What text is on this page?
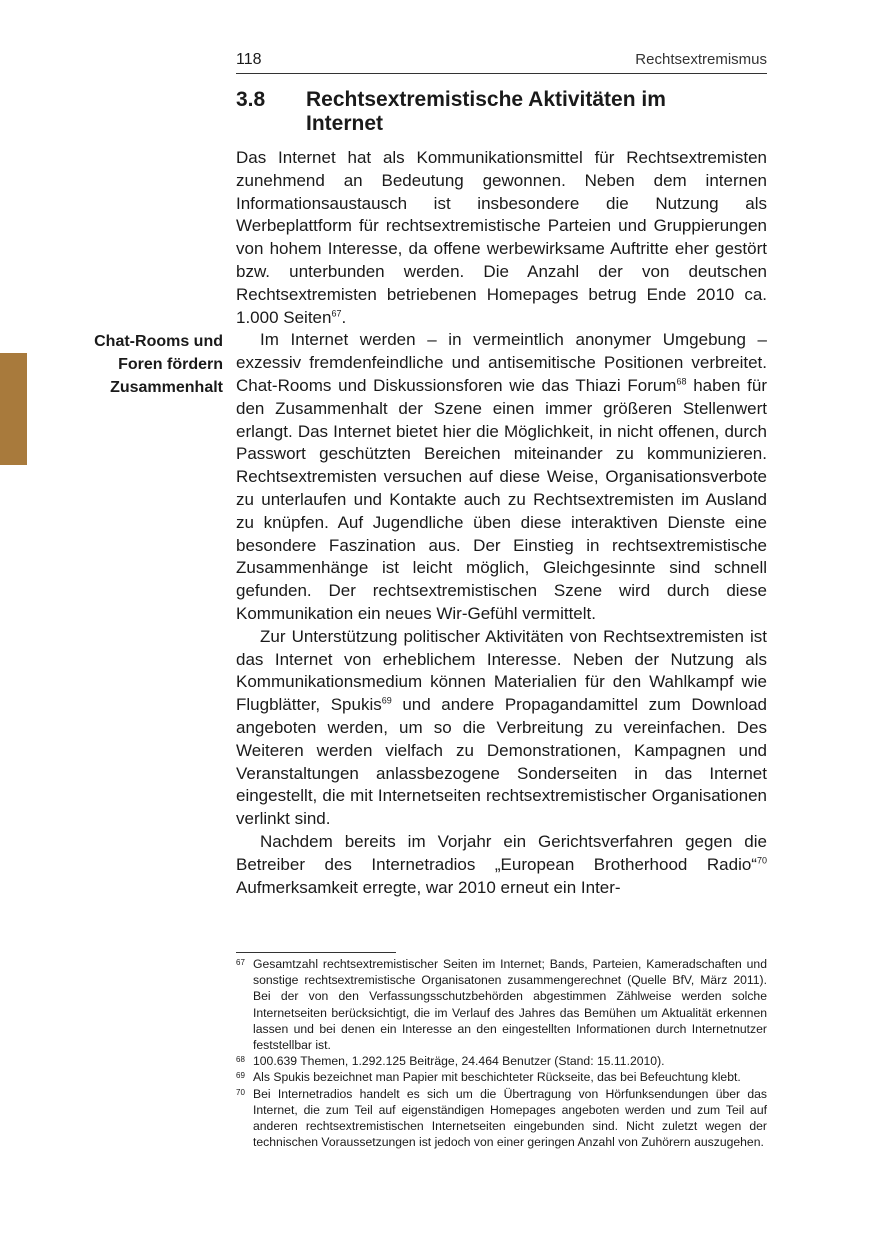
118	Rechtsextremismus
3.8 Rechtsextremistische Aktivitäten im Internet
Chat-Rooms und
Foren fördern
Zusammenhalt

Das Internet hat als Kommunikationsmittel für Rechtsextremisten zunehmend an Bedeutung gewonnen. Neben dem internen Informationsaustausch ist insbesondere die Nutzung als Werbeplattform für rechtsextremistische Parteien und Gruppierungen von hohem Interesse, da offene werbewirksame Auftritte eher gestört bzw. unterbunden werden. Die Anzahl der von deutschen Rechtsextremisten betriebenen Homepages betrug Ende 2010 ca. 1.000 Seiten$^{67}$.

Im Internet werden – in vermeintlich anonymer Umgebung – exzessiv fremdenfeindliche und antisemitische Positionen verbreitet. Chat-Rooms und Diskussionsforen wie das Thiazi Forum$^{68}$ haben für den Zusammenhalt der Szene einen immer größeren Stellenwert erlangt. Das Internet bietet hier die Möglichkeit, in nicht offenen, durch Passwort geschützten Bereichen miteinander zu kommunizieren. Rechtsextremisten versuchen auf diese Weise, Organisationsverbote zu unterlaufen und Kontakte auch zu Rechtsextremisten im Ausland zu knüpfen. Auf Jugendliche üben diese interaktiven Dienste eine besondere Faszination aus. Der Einstieg in rechtsextremistische Zusammenhänge ist leicht möglich, Gleichgesinnte sind schnell gefunden. Der rechtsextremistischen Szene wird durch diese Kommunikation ein neues Wir-Gefühl vermittelt.

Zur Unterstützung politischer Aktivitäten von Rechtsextremisten ist das Internet von erheblichem Interesse. Neben der Nutzung als Kommunikationsmedium können Materialien für den Wahlkampf wie Flugblätter, Spukis$^{69}$ und andere Propagandamittel zum Download angeboten werden, um so die Verbreitung zu vereinfachen. Des Weiteren werden vielfach zu Demonstrationen, Kampagnen und Veranstaltungen anlassbezogene Sonderseiten in das Internet eingestellt, die mit Internetseiten rechtsextremistischer Organisationen verlinkt sind.

Nachdem bereits im Vorjahr ein Gerichtsverfahren gegen die Betreiber des Internetradios „European Brotherhood Radio“$^{70}$ Aufmerksamkeit erregte, war 2010 erneut ein Inter-

67 Gesamtzahl rechtsextremistischer Seiten im Internet; Bands, Parteien, Kameradschaften und sonstige rechtsextremistische Organisatonen zusammengerechnet (Quelle BfV, März 2011). Bei der von den Verfassungsschutzbehörden abgestimmen Zählweise werden solche Internetseiten berücksichtigt, die im Verlauf des Jahres das Bemühen um Aktualität erkennen lassen und bei denen ein Interesse an den eingestellten Informationen durch Internetnutzer feststellbar ist.
68 100.639 Themen, 1.292.125 Beiträge, 24.464 Benutzer (Stand: 15.11.2010).
69 Als Spukis bezeichnet man Papier mit beschichteter Rückseite, das bei Befeuchtung klebt.
70 Bei Internetradios handelt es sich um die Übertragung von Hörfunksendungen über das Internet, die zum Teil auf eigenständigen Homepages angeboten werden und zum Teil auf anderen rechtsextremistischen Internetseiten eingebunden sind. Nicht zuletzt wegen der technischen Voraussetzungen ist jedoch von einer geringen Anzahl von Zuhörern auszugehen.
